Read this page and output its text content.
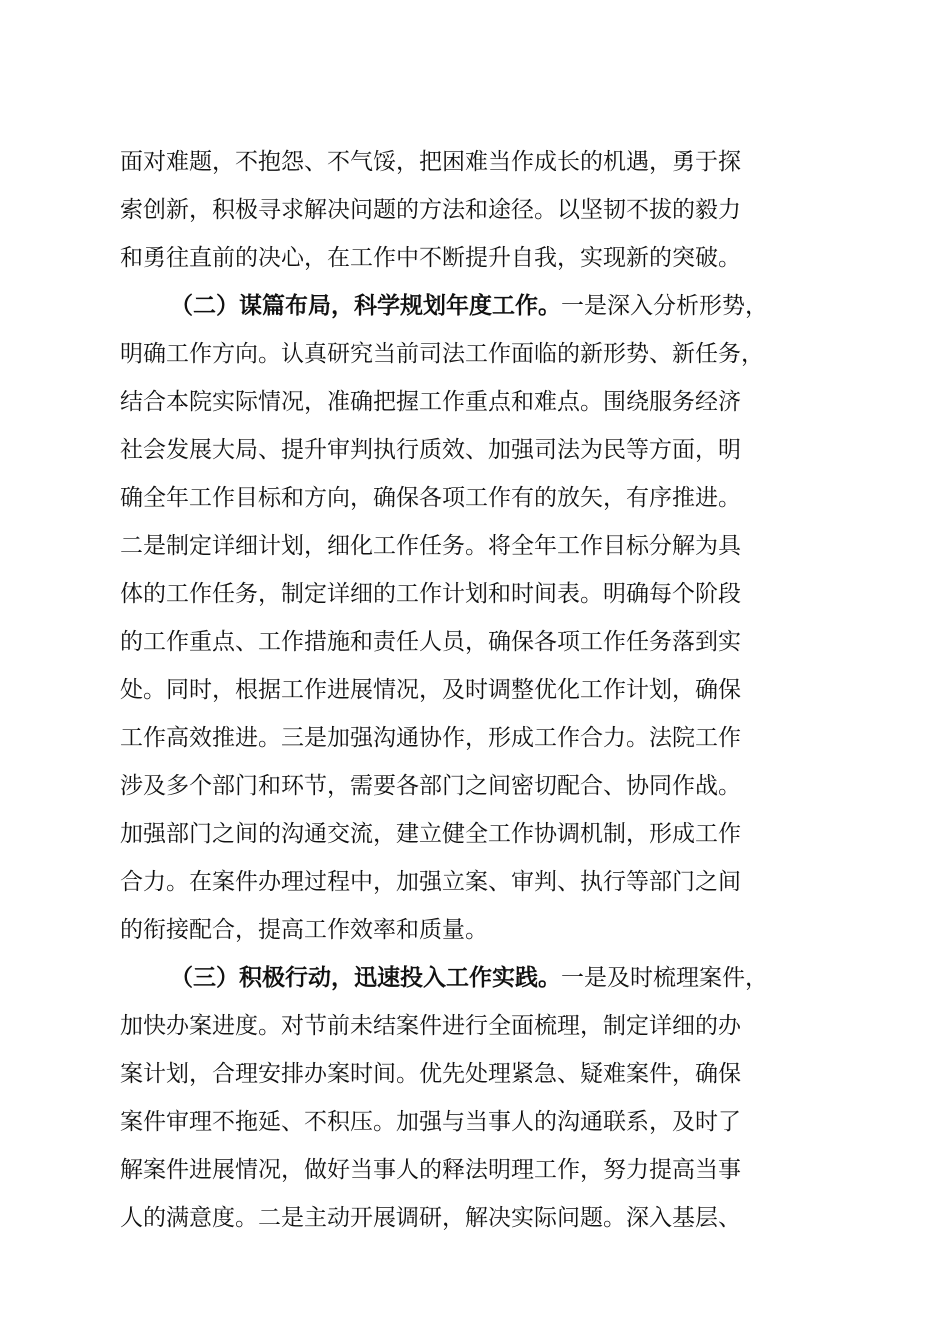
面对难题，不抱怨、不气馁，把困难当作成长的机遇，勇于探
索创新，积极寻求解决问题的方法和途径。以坚韧不拔的毅力
和勇往直前的决心，在工作中不断提升自我，实现新的突破。
（二）谋篇布局，科学规划年度工作。一是深入分析形势，
明确工作方向。认真研究当前司法工作面临的新形势、新任务，
结合本院实际情况，准确把握工作重点和难点。围绕服务经济
社会发展大局、提升审判执行质效、加强司法为民等方面，明
确全年工作目标和方向，确保各项工作有的放矢，有序推进。
二是制定详细计划，细化工作任务。将全年工作目标分解为具
体的工作任务，制定详细的工作计划和时间表。明确每个阶段
的工作重点、工作措施和责任人员，确保各项工作任务落到实
处。同时，根据工作进展情况，及时调整优化工作计划，确保
工作高效推进。三是加强沟通协作，形成工作合力。法院工作
涉及多个部门和环节，需要各部门之间密切配合、协同作战。
加强部门之间的沟通交流，建立健全工作协调机制，形成工作
合力。在案件办理过程中，加强立案、审判、执行等部门之间
的衔接配合，提高工作效率和质量。
（三）积极行动，迅速投入工作实践。一是及时梳理案件，
加快办案进度。对节前未结案件进行全面梳理，制定详细的办
案计划，合理安排办案时间。优先处理紧急、疑难案件，确保
案件审理不拖延、不积压。加强与当事人的沟通联系，及时了
解案件进展情况，做好当事人的释法明理工作，努力提高当事
人的满意度。二是主动开展调研，解决实际问题。深入基层、
